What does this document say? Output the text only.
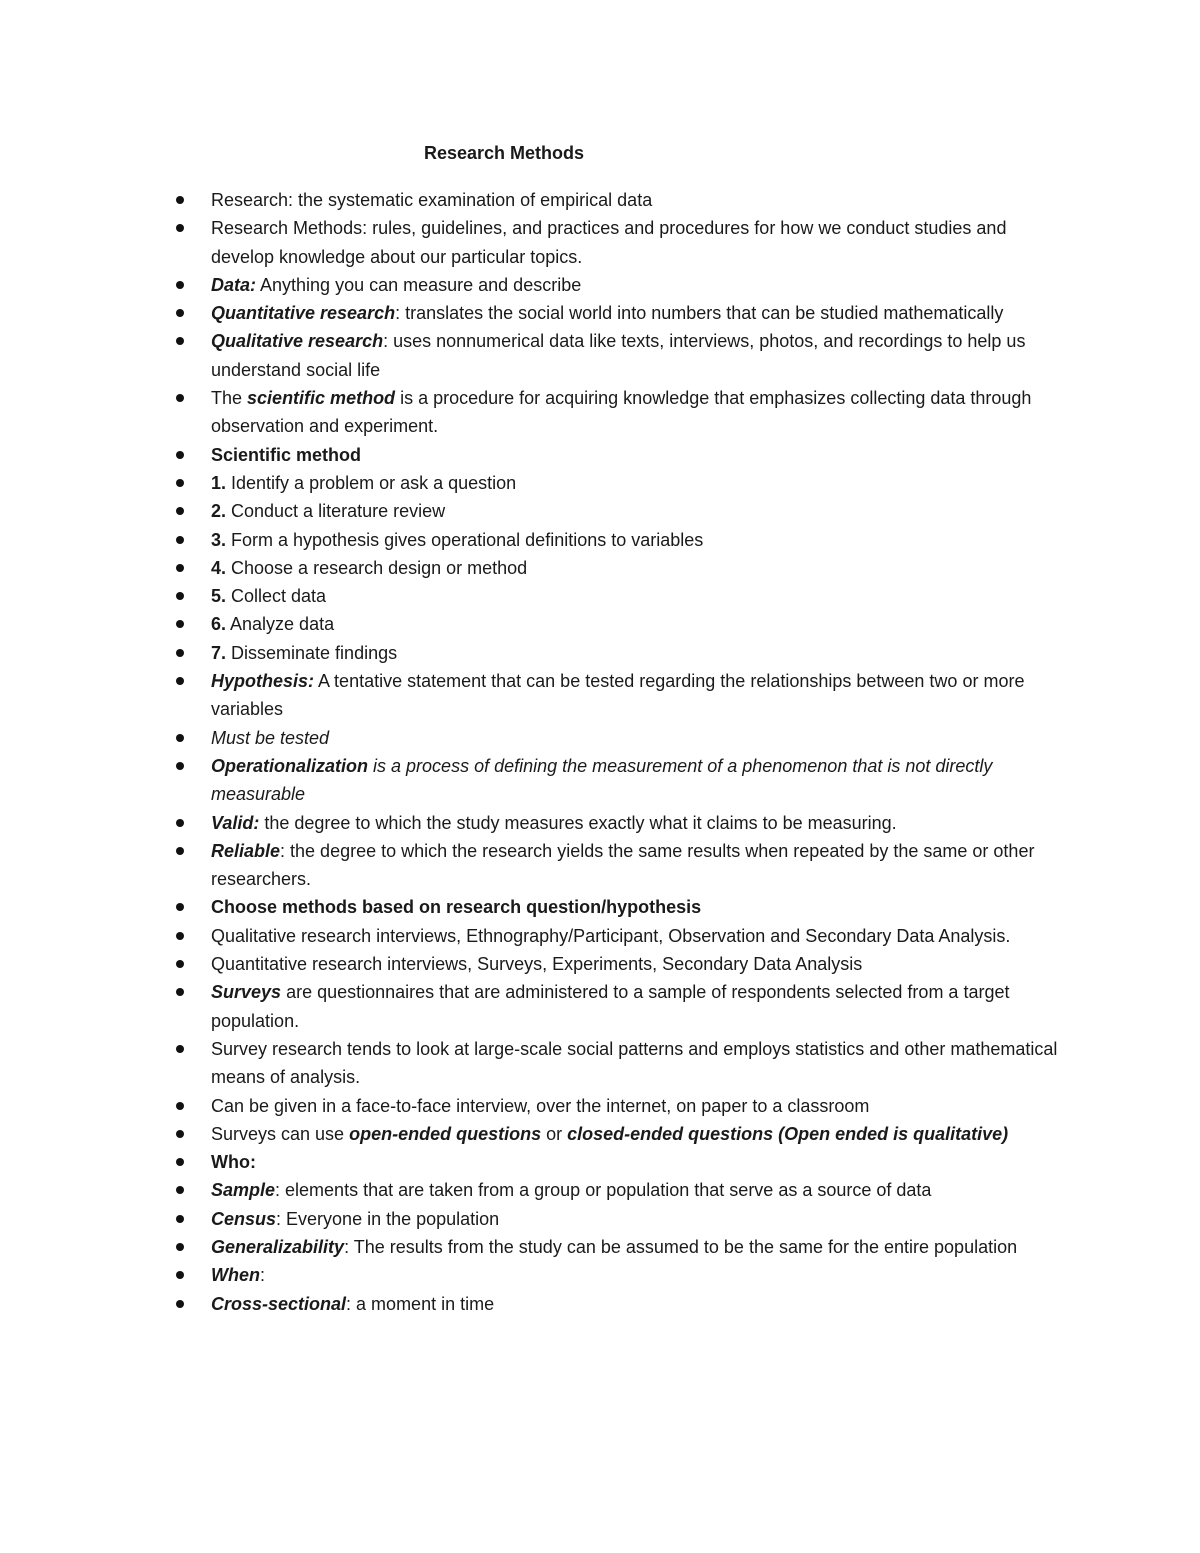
Research Methods
Research: the systematic examination of empirical data
Research Methods: rules, guidelines, and practices and procedures for how we conduct studies and develop knowledge about our particular topics.
Data: Anything you can measure and describe
Quantitative research: translates the social world into numbers that can be studied mathematically
Qualitative research: uses nonnumerical data like texts, interviews, photos, and recordings to help us understand social life
The scientific method is a procedure for acquiring knowledge that emphasizes collecting data through observation and experiment.
Scientific method
1. Identify a problem or ask a question
2. Conduct a literature review
3. Form a hypothesis gives operational definitions to variables
4. Choose a research design or method
5. Collect data
6. Analyze data
7. Disseminate findings
Hypothesis: A tentative statement that can be tested regarding the relationships between two or more variables
Must be tested
Operationalization is a process of defining the measurement of a phenomenon that is not directly measurable
Valid: the degree to which the study measures exactly what it claims to be measuring.
Reliable: the degree to which the research yields the same results when repeated by the same or other researchers.
Choose methods based on research question/hypothesis
Qualitative research interviews, Ethnography/Participant, Observation and Secondary Data Analysis.
Quantitative research interviews, Surveys, Experiments, Secondary Data Analysis
Surveys are questionnaires that are administered to a sample of respondents selected from a target population.
Survey research tends to look at large-scale social patterns and employs statistics and other mathematical means of analysis.
Can be given in a face-to-face interview, over the internet, on paper to a classroom
Surveys can use open-ended questions or closed-ended questions (Open ended is qualitative)
Who:
Sample: elements that are taken from a group or population that serve as a source of data
Census: Everyone in the population
Generalizability: The results from the study can be assumed to be the same for the entire population
When:
Cross-sectional: a moment in time
